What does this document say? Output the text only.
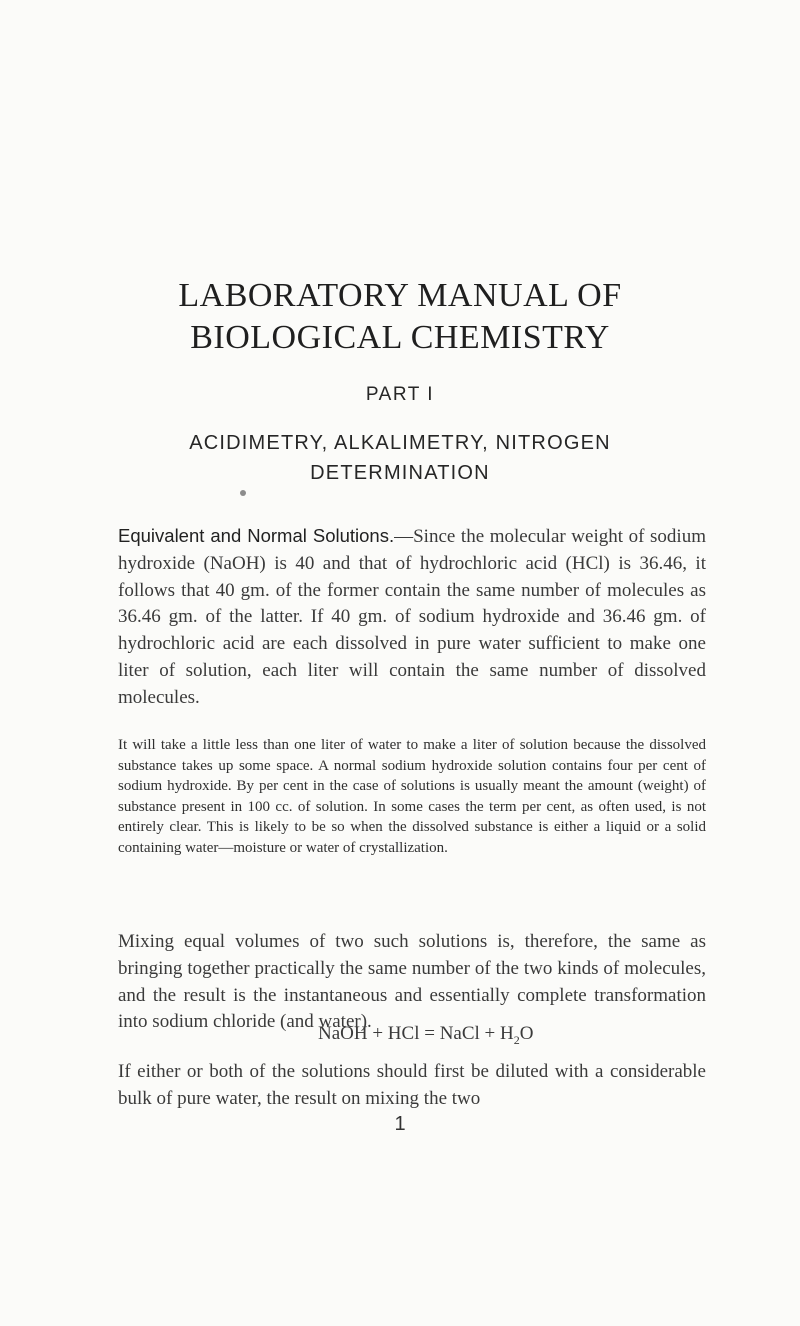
LABORATORY MANUAL OF
BIOLOGICAL CHEMISTRY
PART I
ACIDIMETRY, ALKALIMETRY, NITROGEN
DETERMINATION

Equivalent and Normal Solutions.—Since the molecular weight of sodium hydroxide (NaOH) is 40 and that of hydrochloric acid (HCl) is 36.46, it follows that 40 gm. of the former contain the same number of molecules as 36.46 gm. of the latter. If 40 gm. of sodium hydroxide and 36.46 gm. of hydrochloric acid are each dissolved in pure water sufficient to make one liter of solution, each liter will contain the same number of dissolved molecules.

It will take a little less than one liter of water to make a liter of solution because the dissolved substance takes up some space. A normal sodium hydroxide solution contains four per cent of sodium hydroxide. By per cent in the case of solutions is usually meant the amount (weight) of substance present in 100 cc. of solution. In some cases the term per cent, as often used, is not entirely clear. This is likely to be so when the dissolved substance is either a liquid or a solid containing water—moisture or water of crystallization.

Mixing equal volumes of two such solutions is, therefore, the same as bringing together practically the same number of the two kinds of molecules, and the result is the instantaneous and essentially complete transformation into sodium chloride (and water).

NaOH + HCl = NaCl + $H_2O$

If either or both of the solutions should first be diluted with a considerable bulk of pure water, the result on mixing the two

1
